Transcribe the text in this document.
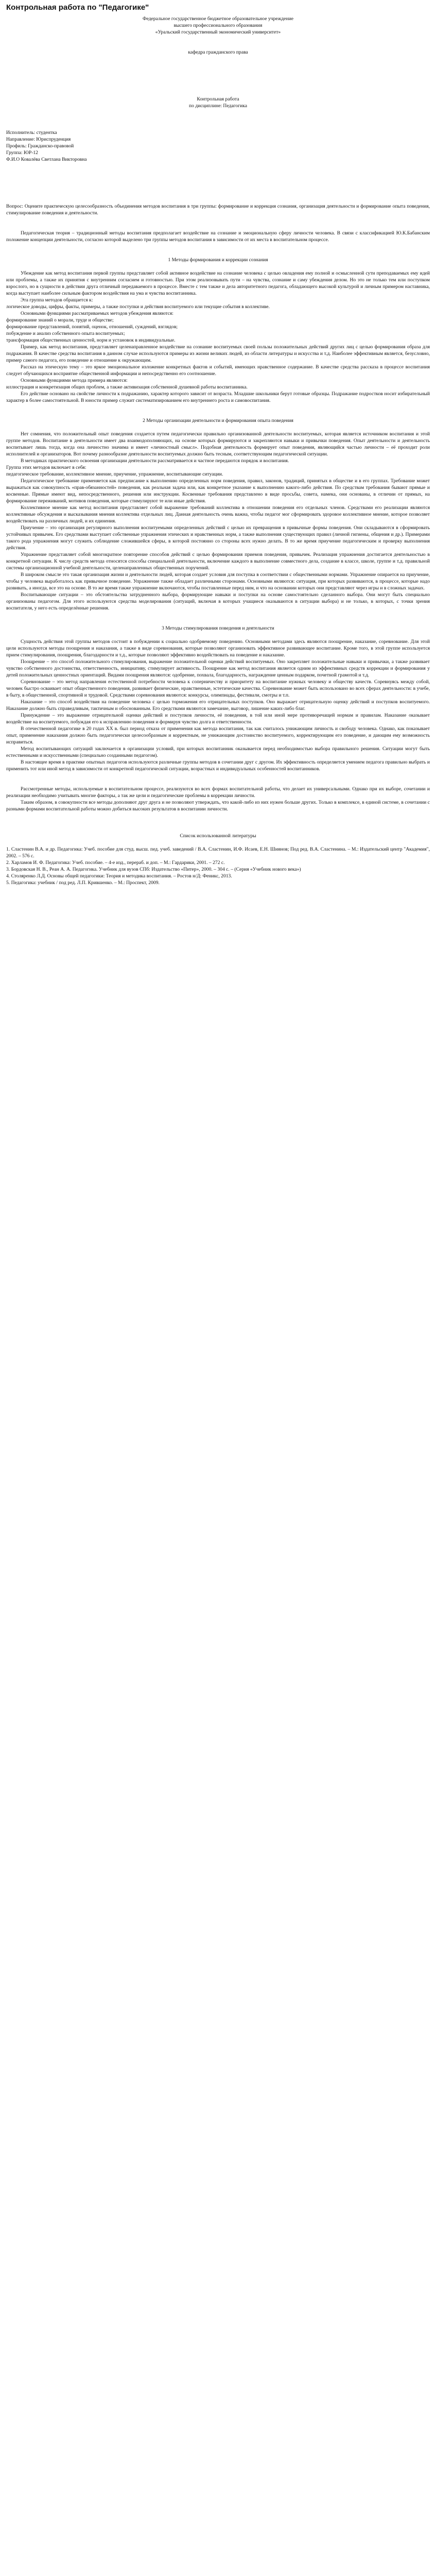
Контрольная работа по "Педагогике"

Федеральное государственное бюджетное образовательное учреждение

высшего профессионального образования

«Уральский государственный экономический университет»

кафедра гражданского права

Контрольная работа

по дисциплине: Педагогика

Исполнитель: студентка

Направление: Юриспруденция

Профиль: Гражданско-правовой

Группа: ЮР-12

Ф.И.О Ковалёва Светлана Викторовна

Вопрос: Оцените практическую целесообразность объединения методов воспитания в три группы: формирование и коррекция сознания, организация деятельности и формирование опыта поведения, стимулирование поведения и деятельности.

Педагогическая теория – традиционный методы воспитания предполагает воздействие на сознание и эмоциональную сферу личности человека. В связи с классификацией Ю.К.Бабанским положение концепции деятельности, согласно которой выделено три группы методов воспитания в зависимости от их места в воспитательном процессе.

1 Методы формирования и коррекции сознания

Убеждение как метод воспитания первой группы представляет собой активное воздействие на сознание человека с целью овладения ему полной и осмысленной сути преподаваемых ему идей или проблемы, а также их принятия с внутренним согласием и готовностью. При этом реализовывать пути – на чувства, сознание и саму убеждения делом. Но это не только тем или поступком взрослого, но в сущности в действии друга отличный передаваемого в процессе. Вместе с тем также и дела авторитетного педагога, обладающего высокой культурой и личным примером наставника, когда выступает наиболее сильным фактором воздействия на ума и чувства воспитанника.

Эта группа методов обращается к:

логическое доводы, цифры, факты, примеры, а также поступки и действия воспитуемого или текущие события в коллективе.

Основными функциями рассматриваемых методов убеждения являются:

формирование знаний о морали, труде и обществе;

формирование представлений, понятий, оценок, отношений, суждений, взглядов;

побуждение и анализ собственного опыта воспитуемых;

трансформация общественных ценностей, норм и установок в индивидуальные.

Пример, как метод воспитания, представляет целенаправленное воздействие на сознание воспитуемых своей пользы положительных действий других лиц с целью формирования образа для подражания. В качестве средства воспитания в данном случае используются примеры из жизни великих людей, из области литературы и искусства и т.д. Наиболее эффективным является, безусловно, пример самого педагога, его поведение и отношение к окружающим.

Рассказ на этическую тему – это яркое эмоциональное изложение конкретных фактов и событий, имеющих нравственное содержание. В качестве средства рассказа в процессе воспитания следует обучающихся восприятие общественной информации и непосредственно его соотношение.

Основными функциями метода примера являются:

иллюстрация и конкретизация общих проблем, а также активизация собственной душевной работы воспитанника.

Его действие основано на свойстве личности к подражанию, характер которого зависит от возраста. Младшие школьники берут готовые образцы. Подражание подростков носит избирательный характер в более самостоятельной. В юности пример служит систематизированием его внутреннего роста и самовоспитания.

2 Методы организации деятельности и формирования опыта поведения

Нет сомнения, что положительный опыт поведения создается путем педагогически правильно организованной деятельности воспитуемых, которая является источником воспитания и этой группе методов. Воспитание в деятельности имеет два взаимодополняющих, на основе которых формируются и закрепляются навыки и привычки поведения. Опыт деятельности и деятельность воспитывает лишь тогда, когда она личностно значима и имеет «личностный смысл». Подобная деятельность формирует опыт поведения, являющийся частью личности – её проходит роли исполнителей и организаторов. Вот почему разнообразие деятельности воспитуемых должно быть тесным, соответствующим педагогической ситуации.

В методиках практического освоения организации деятельности рассматривается и частное передаются порядок и воспитания.

Группа этих методов включает в себя:

педагогическое требование, коллективное мнение, приучение, упражнение, воспитывающие ситуации.

Педагогическое требование применяется как предписание к выполнению определенных норм поведения, правил, законов, традиций, принятых в обществе и в его группах. Требование может выражаться как совокупность «прав-обязанностей» поведения, как реальная задача или, как конкретное указание к выполнению какого-либо действия. По средствам требования бывают прямые и косвенные. Прямые имеют вид, непосредственного, решения или инструкции. Косвенные требования представлено в виде просьбы, совета, намека, они основаны, в отличии от прямых, на формирование переживаний, мотивов поведения, которые стимулируют те или иные действия.

Коллективное мнение как метод воспитания представляет собой выражение требований коллектива в отношении поведения его отдельных членов. Средствами его реализации являются коллективные обсуждения и высказывания мнения коллектива отдельных лиц. Данная деятельность очень важна, чтобы педагог мог сформировать здоровое коллективное мнение, которое позволяет воздействовать на различных людей, и их единения.

Приучение – это организация регулярного выполнения воспитуемыми определенных действий с целью их превращения в привычные формы поведения. Они складываются в сформировать устойчивых привычек. Его средствами выступает собственные упражнения этических и нравственных норм, а также выполнения существующих правил (личной гигиены, общения и др.). Примерами такого рода упражнения могут служить соблюдение сложившейся сферы, в которой постоянно со стороны всех нужно делать. В то же время приучение педагогическим и проверку выполнения действия.

Упражнение представляет собой многократное повторение способов действий с целью формирования приемов поведения, привычек. Реализация упражнения достигается деятельностью в конкретной ситуации. К числу средств метода относятся способы специальной деятельности, включение каждого в выполнение совместного дела, создание в классе, школе, группе и т.д. правильной системы организационной учебной деятельности, целенаправленных общественных поручений.

В широком смысле это такая организация жизни и деятельности людей, которая создает условия для поступка в соответствии с общественными нормами. Упражнение опирается на приучение, чтобы у человека выработалось как привычное поведение. Упражнение также обладает различными сторонами. Основными являются: ситуация, при которых развиваются, в процессе, которые надо развивать, а иногда, все это на основе. В то же время также упражнение включаются, чтобы поставленные перед ним, и что на основании которых они представляют через игры и в сложных задачах.

Воспитывающие ситуации – это обстоятельства затрудненного выбора, формирующие навыки и поступки на основе самостоятельно сделанного выбора. Они могут быть специально организованы педагогом. Для этого используются средства моделирования (ситуаций, включая в которых учащиеся оказываются в ситуации выбора) и не только, в которых, с точки зрения воспитателя, у него есть определённые решения.

3 Методы стимулирования поведения и деятельности

Сущность действия этой группы методов состоит в побуждении к социально одобряемому поведению. Основными методами здесь являются поощрение, наказание, соревнование. Для этой цели используются методы поощрения и наказания, а также в виде соревнования, которые позволяют организовать эффективное развивающее воспитание. Кроме того, в этой группе используется прием стимулирования, поощрения, благодарности и т.д., которые позволяют эффективно воздействовать на поведение и наказание.

Поощрение – это способ положительного стимулирования, выражение положительной оценки действий воспитуемых. Оно закрепляет положительные навыки и привычки, а также развивает чувство собственного достоинства, ответственность, инициативу, стимулирует активность. Поощрение как метод воспитания является одним из эффективных средств коррекции и формирования у детей положительных ценностных ориентаций. Видами поощрения являются: одобрение, похвала, благодарность, награждение ценным подарком, почетной грамотой и т.д.

Соревнование – это метод направления естественной потребности человека к соперничеству и приоритету на воспитание нужных человеку и обществу качеств. Соревнуясь между собой, человек быстро осваивает опыт общественного поведения, развивает физические, нравственные, эстетические качества. Соревнование может быть использовано во всех сферах деятельности: в учебе, в быту, в общественной, спортивной и трудовой. Средствами соревнования являются: конкурсы, олимпиады, фестивали, смотры и т.п.

Наказание – это способ воздействия на поведение человека с целью торможения его отрицательных поступков. Оно выражает отрицательную оценку действий и поступков воспитуемого. Наказание должно быть справедливым, тактичным и обоснованным. Его средствами являются замечание, выговор, лишение каких-либо благ.

Принуждение – это выражение отрицательной оценки действий и поступков личности, её поведения, в той или иной мере противоречащей нормам и правилам. Наказание оказывает воздействие на воспитуемого, побуждая его к исправлению поведения и формируя чувство долга и ответственности.

В отечественной педагогике в 20 годах XX в. был период отказа от применения как метода воспитания, так как считалось унижающим личность и свободу человека. Однако, как показывает опыт, применение наказания должно быть педагогически целесообразным и корректным, не унижающим достоинство воспитуемого, корректирующим его поведение, и дающим ему возможность исправиться.

Метод воспитывающих ситуаций заключается в организации условий, при которых воспитанник оказывается перед необходимостью выбора правильного решения. Ситуации могут быть естественными и искусственными (специально созданными педагогом).

В настоящее время в практике опытных педагогов используются различные группы методов в сочетании друг с другом. Их эффективность определяется умением педагога правильно выбрать и применить тот или иной метод в зависимости от конкретной педагогической ситуации, возрастных и индивидуальных особенностей воспитанников.

Рассмотренные методы, используемые в воспитательном процессе, реализуются во всех формах воспитательной работы, что делает их универсальными. Однако при их выборе, сочетании и реализации необходимо учитывать многие факторы, а так же цели и педагогические проблемы в коррекции личности.

Таким образом, в совокупности все методы дополняют друг друга и не позволяют утверждать, что какой-либо из них нужен больше других. Только в комплексе, в единой системе, в сочетании с разными формами воспитательной работы можно добиться высоких результатов в воспитании личности.

Список использованной литературы

1. Сластенин В.А. и др. Педагогика: Учеб. пособие для студ. высш. пед. учеб. заведений / В.А. Сластенин, И.Ф. Исаев, Е.Н. Шиянов; Под ред. В.А. Сластенина. – М.: Издательский центр "Академия", 2002. – 576 с.
2. Харламов И. Ф. Педагогика: Учеб. пособие. – 4-е изд., перераб. и доп. – М.: Гардарики, 2001. – 272 с.
3. Бордовская Н. В., Реан А. А. Педагогика. Учебник для вузов СПб: Издательство «Питер», 2000. – 304 с. – (Серия «Учебник нового века»)
4. Столяренко Л.Д. Основы общей педагогики: Теория и методика воспитания. – Ростов н/Д: Феникс, 2013.
5. Педагогика: учебник / под ред. Л.П. Крившенко. – М.: Проспект, 2009.
